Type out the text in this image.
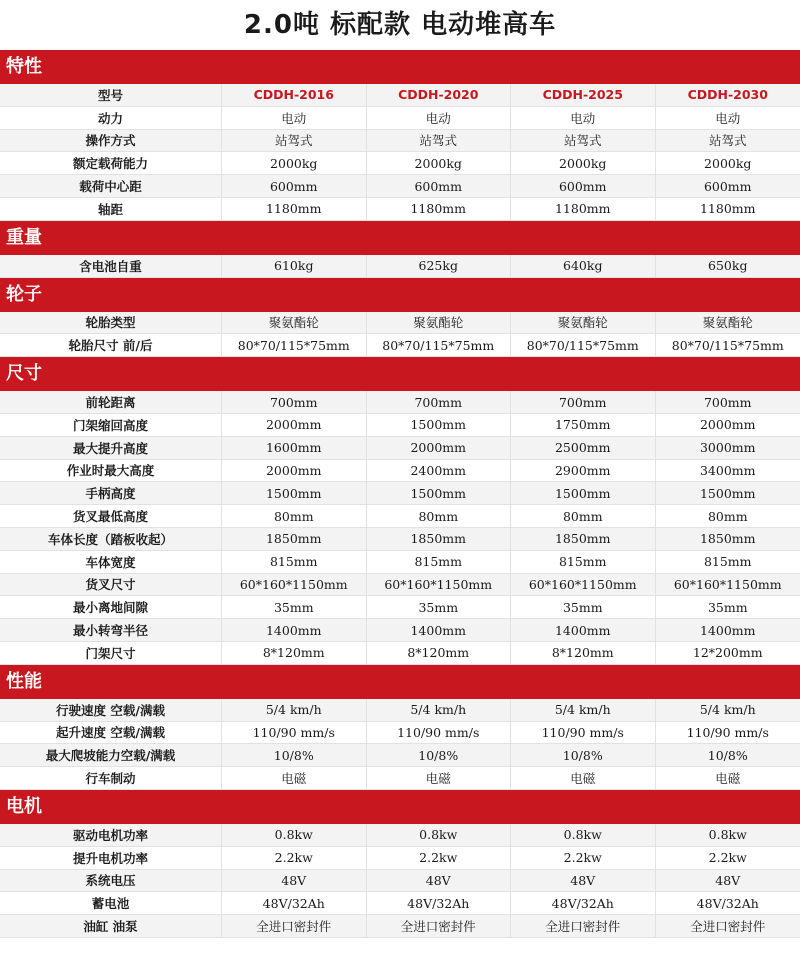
2.0吨 标配款 电动堆高车
特性
型号	CDDH-2016	CDDH-2020	CDDH-2025	CDDH-2030
动力	电动	电动	电动	电动
操作方式	站驾式	站驾式	站驾式	站驾式
额定载荷能力	2000kg	2000kg	2000kg	2000kg
载荷中心距	600mm	600mm	600mm	600mm
轴距	1180mm	1180mm	1180mm	1180mm
重量
含电池自重	610kg	625kg	640kg	650kg
轮子
轮胎类型	聚氨酯轮	聚氨酯轮	聚氨酯轮	聚氨酯轮
轮胎尺寸 前/后	80*70/115*75mm	80*70/115*75mm	80*70/115*75mm	80*70/115*75mm
尺寸
前轮距离	700mm	700mm	700mm	700mm
门架缩回高度	2000mm	1500mm	1750mm	2000mm
最大提升高度	1600mm	2000mm	2500mm	3000mm
作业时最大高度	2000mm	2400mm	2900mm	3400mm
手柄高度	1500mm	1500mm	1500mm	1500mm
货叉最低高度	80mm	80mm	80mm	80mm
车体长度（踏板收起）	1850mm	1850mm	1850mm	1850mm
车体宽度	815mm	815mm	815mm	815mm
货叉尺寸	60*160*1150mm	60*160*1150mm	60*160*1150mm	60*160*1150mm
最小离地间隙	35mm	35mm	35mm	35mm
最小转弯半径	1400mm	1400mm	1400mm	1400mm
门架尺寸	8*120mm	8*120mm	8*120mm	12*200mm
性能
行驶速度 空载/满载	5/4 km/h	5/4 km/h	5/4 km/h	5/4 km/h
起升速度 空载/满载	110/90 mm/s	110/90 mm/s	110/90 mm/s	110/90 mm/s
最大爬坡能力空载/满载	10/8%	10/8%	10/8%	10/8%
行车制动	电磁	电磁	电磁	电磁
电机
驱动电机功率	0.8kw	0.8kw	0.8kw	0.8kw
提升电机功率	2.2kw	2.2kw	2.2kw	2.2kw
系统电压	48V	48V	48V	48V
蓄电池	48V/32Ah	48V/32Ah	48V/32Ah	48V/32Ah
油缸 油泵	全进口密封件	全进口密封件	全进口密封件	全进口密封件
